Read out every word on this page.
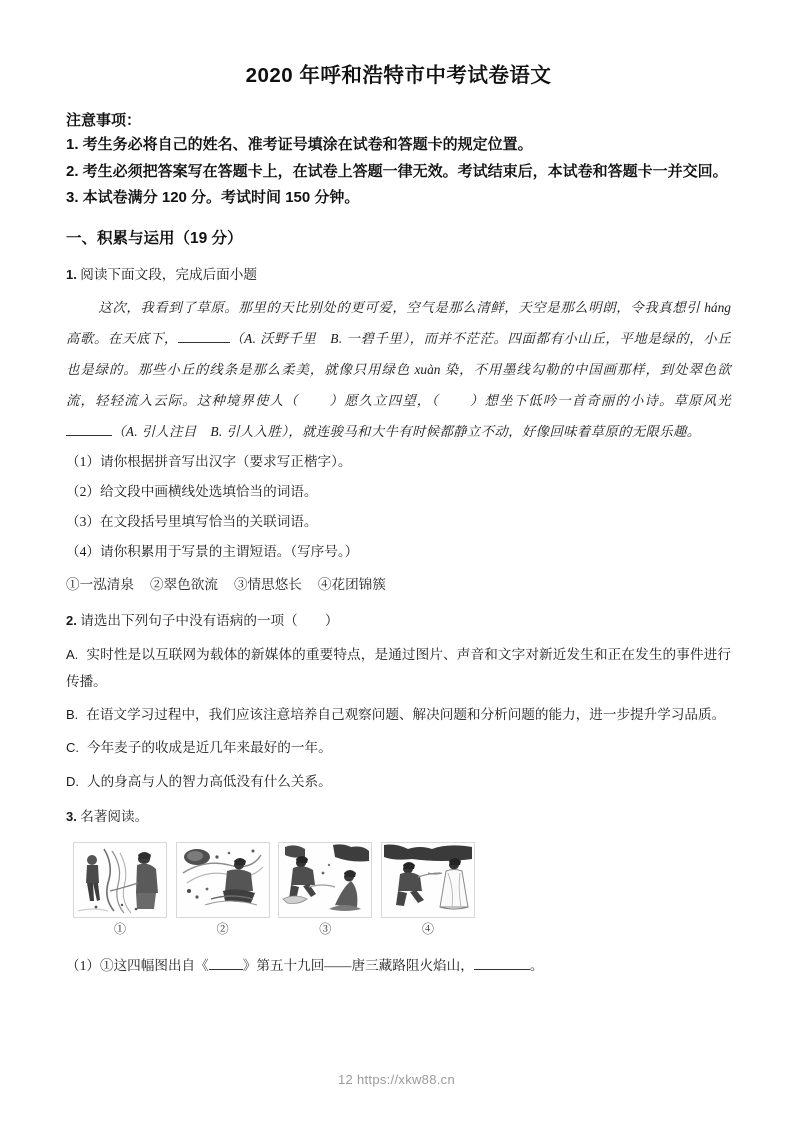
2020 年呼和浩特市中考试卷语文
注意事项：
1. 考生务必将自己的姓名、准考证号填涂在试卷和答题卡的规定位置。
2. 考生必须把答案写在答题卡上，在试卷上答题一律无效。考试结束后，本试卷和答题卡一并交回。
3. 本试卷满分 120 分。考试时间 150 分钟。
一、积累与运用（19 分）
1. 阅读下面文段，完成后面小题
这次，我看到了草原。那里的天比别处的更可爱，空气是那么清鲜，天空是那么明朗，令我真想引 háng 高歌。在天底下，	（A. 沃野千里　B. 一碧千里），而并不茫茫。四面都有小山丘，平地是绿的，小丘也是绿的。那些小丘的线条是那么柔美，就像只用绿色 xuàn 染，不用墨线勾勒的中国画那样，到处翠色欲流，轻轻流入云际。这种境界使人（ ）愿久立四望，（ ）想坐下低吟一首奇丽的小诗。草原风光（A. 引人注目　B. 引人入胜），就连骏马和大牛有时候都静立不动，好像回味着草原的无限乐趣。
（1）请你根据拼音写出汉字（要求写正楷字）。
（2）给文段中画横线处选填恰当的词语。
（3）在文段括号里填写恰当的关联词语。
（4）请你积累用于写景的主谓短语。（写序号。）
①一泓清泉 ②翠色欲流 ③情思悠长 ④花团锦簇
2. 请选出下列句子中没有语病的一项（　　）
A. 实时性是以互联网为载体的新媒体的重要特点，是通过图片、声音和文字对新近发生和正在发生的事件进行传播。
B. 在语文学习过程中，我们应该注意培养自己观察问题、解决问题和分析问题的能力，进一步提升学习品质。
C. 今年麦子的收成是近几年来最好的一年。
D. 人的身高与人的智力高低没有什么关系。
3. 名著阅读。
①	②	③	④
（1）①这四幅图出自《	》第五十九回——唐三藏路阻火焰山，	。
12 https://xkw88.cn
